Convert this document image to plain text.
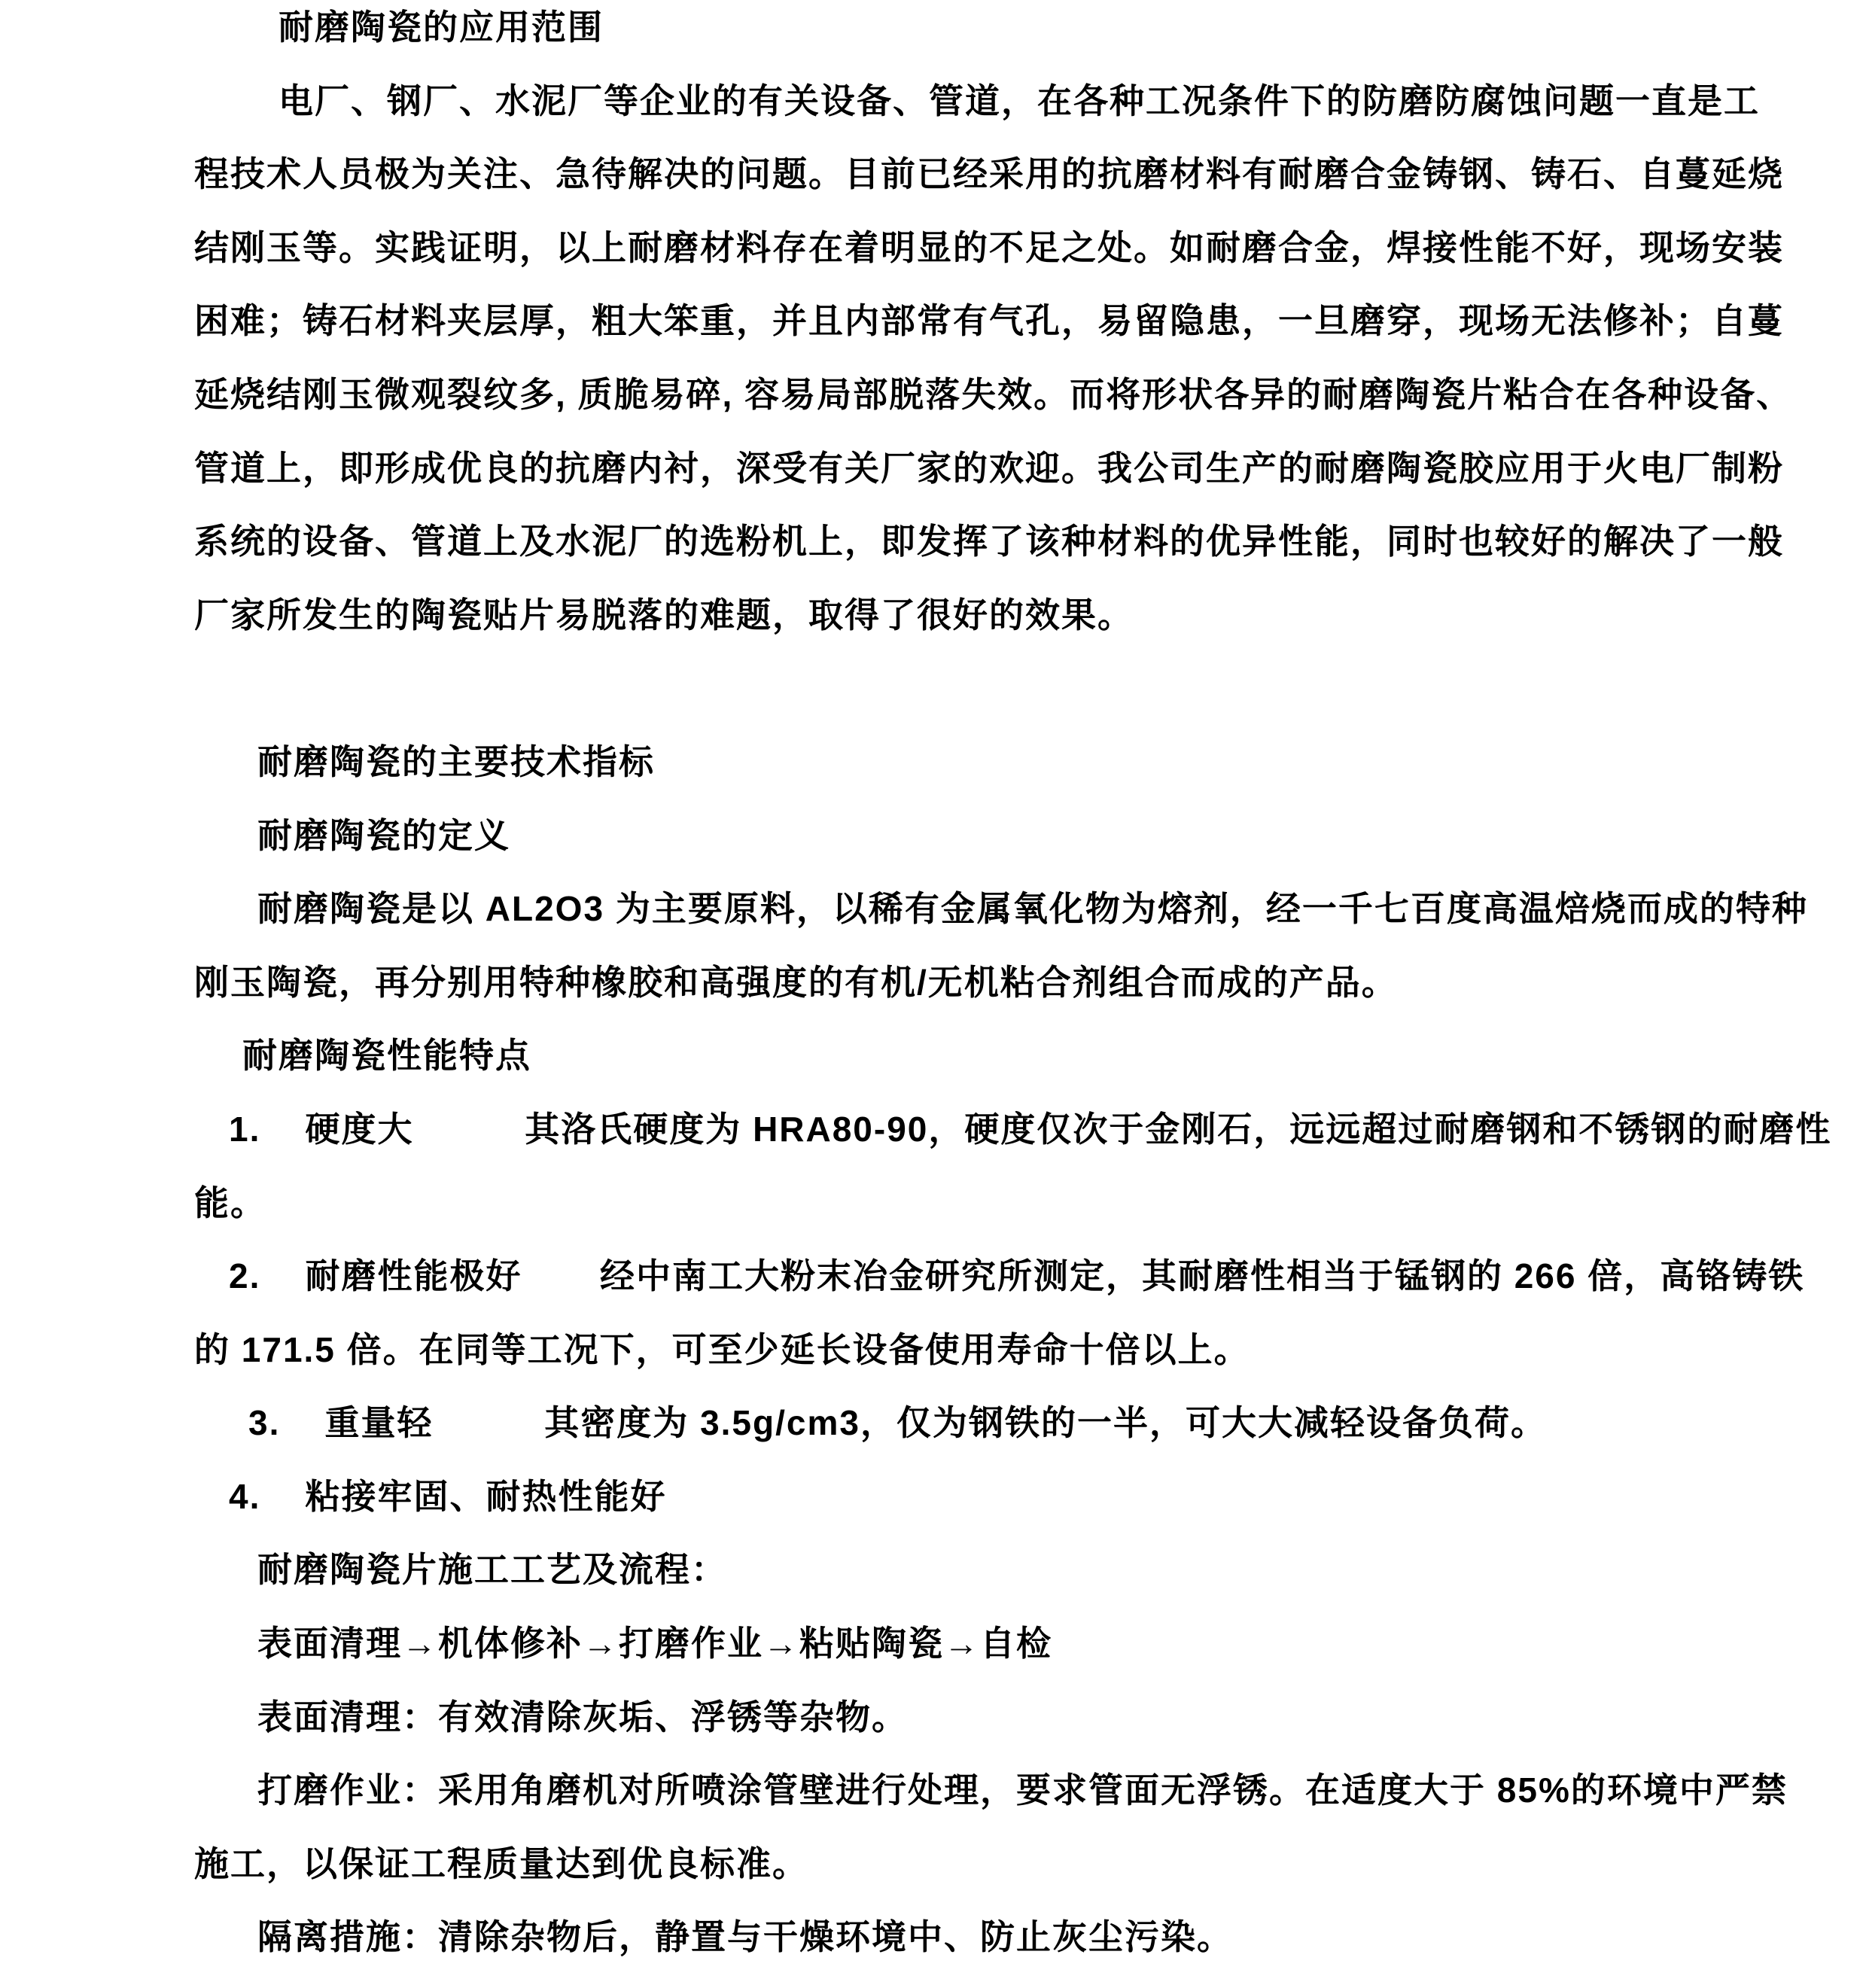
耐磨陶瓷的应用范围
电厂、钢厂、水泥厂等企业的有关设备、管道，在各种工况条件下的防磨防腐蚀问题一直是工
程技术人员极为关注、急待解决的问题。目前已经采用的抗磨材料有耐磨合金铸钢、铸石、自蔓延烧
结刚玉等。实践证明，以上耐磨材料存在着明显的不足之处。如耐磨合金，焊接性能不好，现场安装
困难；铸石材料夹层厚，粗大笨重，并且内部常有气孔，易留隐患，一旦磨穿，现场无法修补；自蔓
延烧结刚玉微观裂纹多, 质脆易碎, 容易局部脱落失效。而将形状各异的耐磨陶瓷片粘合在各种设备、
管道上，即形成优良的抗磨内衬，深受有关厂家的欢迎。我公司生产的耐磨陶瓷胶应用于火电厂制粉
系统的设备、管道上及水泥厂的选粉机上，即发挥了该种材料的优异性能，同时也较好的解决了一般
厂家所发生的陶瓷贴片易脱落的难题，取得了很好的效果。
耐磨陶瓷的主要技术指标
耐磨陶瓷的定义
耐磨陶瓷是以 AL2O3 为主要原料，以稀有金属氧化物为熔剂，经一千七百度高温焙烧而成的特种
刚玉陶瓷，再分别用特种橡胶和高强度的有机/无机粘合剂组合而成的产品。
耐磨陶瓷性能特点
1.    硬度大          其洛氏硬度为 HRA80-90，硬度仅次于金刚石，远远超过耐磨钢和不锈钢的耐磨性
能。
2.    耐磨性能极好       经中南工大粉末冶金研究所测定，其耐磨性相当于锰钢的 266 倍，高铬铸铁
的 171.5 倍。在同等工况下，可至少延长设备使用寿命十倍以上。
3.    重量轻          其密度为 3.5g/cm3，仅为钢铁的一半，可大大减轻设备负荷。
4.    粘接牢固、耐热性能好
耐磨陶瓷片施工工艺及流程：
表面清理→机体修补→打磨作业→粘贴陶瓷→自检
表面清理：有效清除灰垢、浮锈等杂物。
打磨作业：采用角磨机对所喷涂管壁进行处理，要求管面无浮锈。在适度大于 85%的环境中严禁
施工，以保证工程质量达到优良标准。
隔离措施：清除杂物后，静置与干燥环境中、防止灰尘污染。
